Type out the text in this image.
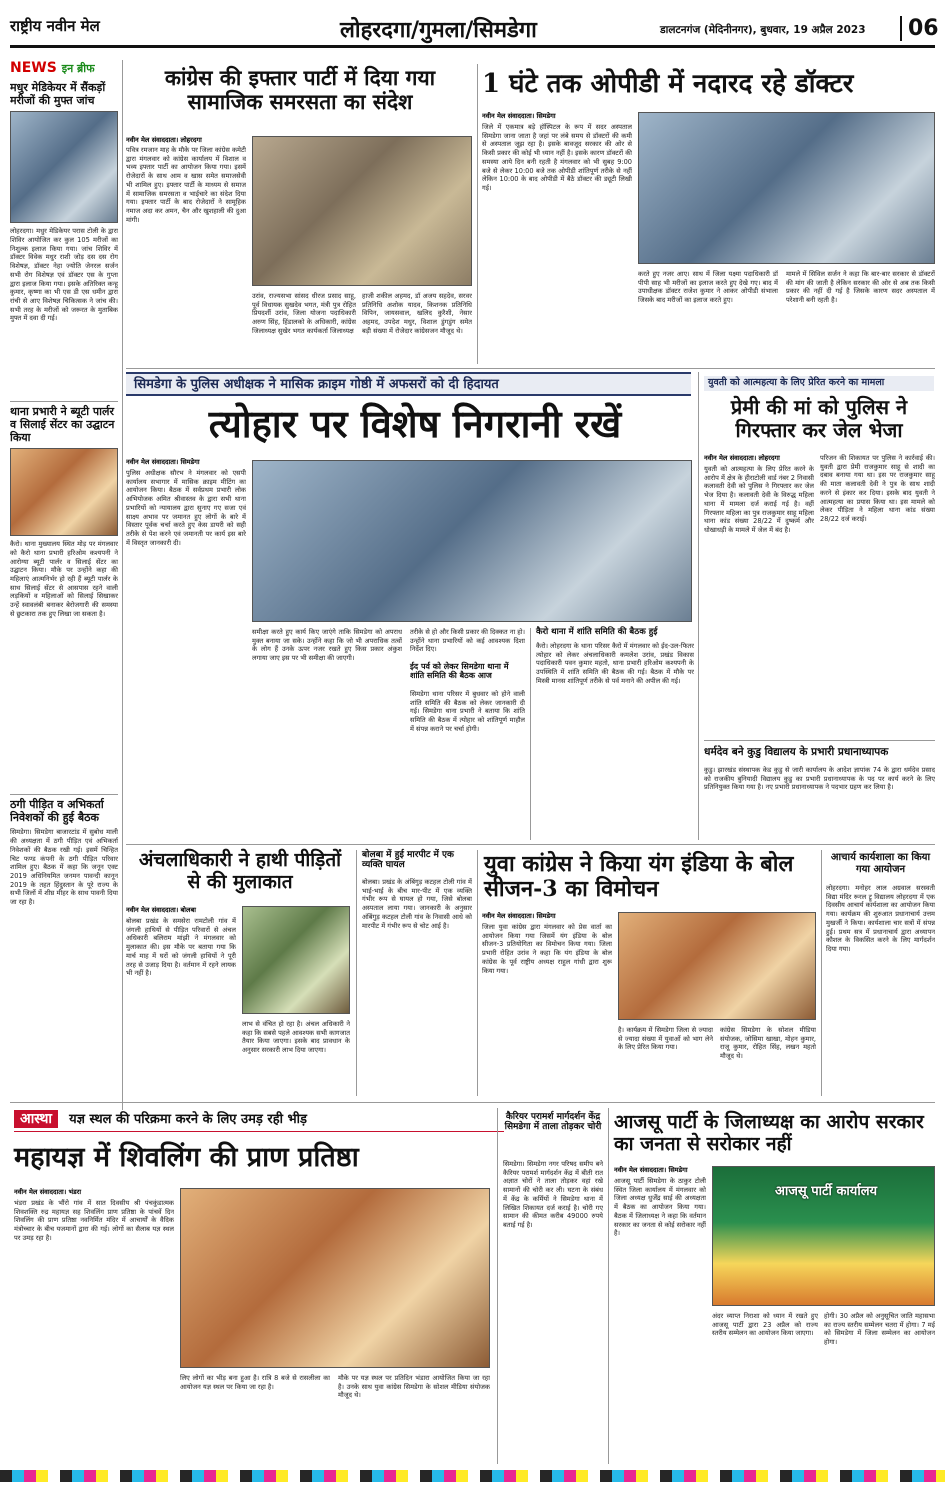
राष्ट्रीय नवीन मेल	लोहरदगा/गुमला/सिमडेगा	डालटनगंज (मेदिनीनगर), बुधवार, 19 अप्रैल 2023	06
NEWS इन ब्रीफ
मधुर मेडिकेयर में सैंकड़ों मरीजों की मुफ्त जांच
लोहरदगा। मधुर मेडिकेयर परास टोली के द्वारा शिविर आयोजित कर कुल 105 मरीजों का निशुल्क इलाज किया गया। जांच शिविर में डॉक्टर विवेक मधुर राशी जोड़ दस दस रोग विशेषज्ञ, डॉक्टर नेहा ज्योति जेनरल सर्जन सभी रोग विशेषज्ञ एवं डॉक्टर एस के गुप्ता द्वारा इलाज किया गया। इसके अतिरिक्त कन्हू कुमार, कृष्णा का भी एस डी एस धमीन द्वारा रांची से आए विशेषज्ञ चिकित्सक ने जांच की। सभी तरह के मरीजों को जरूरत के मुताबिक मुफ्त में दवा दी गई।
थाना प्रभारी ने ब्यूटी पार्लर व सिलाई सेंटर का उद्घाटन किया
कैरो। थाना मुख्यालय स्थित मोड़ पर मंगलवार को कैरो थाना प्रभारी हरिओम कश्यपनी ने आरोग्या ब्यूटी पार्लर व सिलाई सेंटर का उद्घाटन किया। मौके पर उन्होंने कहा की महिलाएं आत्मनिर्भर हो रही हैं ब्यूटी पार्लर के साथ सिलाई सेंटर से आसपास रहने वाली लड़कियों व महिलाओं को सिलाई सिखाकर उन्हें स्वावलंबी बनाकर बेरोजगारी की समस्या से छुटकारा तक हुए लिखा जा सकता है।
ठगी पीड़ित व अभिकर्ता निवेशकों की हुई बैठक
सिमडेगा। सिमडेगा बाजारटांड में सुबोध माली की अध्यक्षता में ठगी पीड़ित एवं अभिकर्ता निवेशकों की बैठक रखी गई। इसमें चिन्हित चिट फण्ड कंपनी के ठगी पीड़ित परिवार शामिल हुए। बैठक में कहा कि जनून एक्ट 2019 अधिनियमित जनमन पावन्दी कानून 2019 के तहत हिंदुस्तान के पूरे राज्य के सभी जिलों में शीघ्र मीहर के साथ पावनी दिया जा रहा है।
कांग्रेस की इफ्तार पार्टी में दिया गया सामाजिक समरसता का संदेश
नवीन मेल संवाददाता। लोहरदगा
पवित्र रमजान माह के मौके पर जिला कांग्रेस कमेटी द्वारा मंगलवार को कांग्रेस कार्यालय में विशाल व भव्य इफ्तार पार्टी का आयोजन किया गया। इसमें रोजेदारों के साथ आम व खास समेत समाजसेवी भी शामिल हुए। इफ्तार पार्टी के माध्यम से समाज में सामाजिक समरसता व भाईचारे का संदेश दिया गया। इफ्तार पार्टी के बाद रोजेदारों ने सामूहिक नमाज अदा कर अमन, चैन और खुशहाली की दुआ मांगी।
उरांव, राज्यसभा सांसद धीरज प्रसाद साहू, पूर्व विधायक सुखदेव भगत, मंत्री पुत्र रोहित प्रियदर्शी उरांव, जिला योजना पदाधिकारी अरुण सिंह, हिंडालको के अधिकारी, कांग्रेस जिलाध्यक्ष सुखेर भगत कार्यकर्ता जिलाध्यक्ष
हाजी शकील अहमद, डॉ अजय सहदेव, सरवर प्रतिनिधि अशोक यादव, किशनक प्रतिनिधि विपिन, जायसवाल, खलिद कुरैशी, नेसार अहमद, उपदेश मधुर, विशाल डुंगडुंग समेत बड़ी संख्या में रोजेदार कांग्रेसजन मौजूद थे।
1 घंटे तक ओपीडी में नदारद रहे डॉक्टर
नवीन मेल संवाददाता। सिमडेगा
जिले में एकमात्र बड़े हॉस्पिटल के रूप में सदर अस्पताल सिमडेगा जाना जाता है जहां पर लंबे समय से डॉक्टरों की कमी से अस्पताल जूझ रहा है। इसके बावजूद सरकार की ओर से किसी प्रकार की कोई भी ध्यान नहीं है। इसके कारण डॉक्टरों की समस्या आये दिन बनी रहती है मंगलवार को भी सुबह 9:00 बजे से लेकर 10:00 बजे तक ओपीडी शांतिपूर्ण तरीके से नहीं लेकिन 10:00 के बाद ओपीडी में बैठे डॉक्टर की ड्यूटी लिखी गई।
करते हुए नजर आए। साथ में जिला यक्ष्मा पदाधिकारी डॉ पीपी साह भी मरीजों का इलाज करते हुए देखे गए। बाद में उपाधीक्षक डॉक्टर राजेश कुमार ने आकर ओपीडी संभाला जिसके बाद मरीजों का इलाज करते हुए।
मामले में सिविल सर्जन ने कहा कि बार-बार सरकार से डॉक्टरों की मांग की जाती है लेकिन सरकार की ओर से अब तक किसी प्रकार की नहीं दी गई है जिसके कारण सदर अस्पताल में परेशानी बनी रहती है।
सिमडेगा के पुलिस अधीक्षक ने मासिक क्राइम गोष्ठी में अफसरों को दी हिदायत
त्योहार पर विशेष निगरानी रखें
नवीन मेल संवाददाता। सिमडेगा
पुलिस अधीक्षक सौरभ ने मंगलवार को एसपी कार्यालय सभागार में मासिक क्राइम मीटिंग का आयोजन किया। बैठक में सर्वप्रथम प्रभारी लोक अभियोजक अमित श्रीवास्तव के द्वारा सभी थाना प्रभारियों को न्यायालय द्वारा सुनाए गए सजा एवं साक्ष्य अभाव पर जमानत हुए लोगों के बारे में विस्तार पूर्वक चर्चा करते हुए केस डायरी को सही तरीके से पेश करने एवं जमानती पर कार्य इस बारे में विस्तृत जानकारी दी।
समीक्षा करते हुए कार्य किए जाएंगे ताकि सिमडेगा को अपराध मुक्त बनाया जा सके। उन्होंने कहा कि जो भी अपराधिक तत्वों के लोग हैं उनके ऊपर नजर रखते हुए किस प्रकार अंकुश लगाया जाए इस पर भी समीक्षा की जाएगी।
तरीके से हो और किसी प्रकार की दिक्कत ना हो। उन्होंने थाना प्रभारियों को कई आवश्यक दिशा निर्देश दिए।
ईद पर्व को लेकर सिमडेगा थाना में शांति समिति की बैठक आज
सिमडेगा थाना परिसर में बुधवार को होने वाली शांति समिति की बैठक को लेकर जानकारी दी गई। सिमडेगा थाना प्रभारी ने बताया कि शांति समिति की बैठक में त्योहार को शांतिपूर्ण माहौल में संपन्न कराने पर चर्चा होगी।
कैरो थाना में शांति समिति की बैठक हुई
कैरो। लोहरदगा के थाना परिसर कैरो में मंगलवार को ईद-उल-फितर त्योहार को लेकर अंचलाधिकारी कमलेश उरांव, प्रखंड विकास पदाधिकारी पवन कुमार महतो, थाना प्रभारी हरिओम कश्यपनी के उपस्थिति में शांति समिति की बैठक की गई। बैठक में मौके पर मिस्त्री मानस शांतिपूर्ण तरीके से पर्व मनाने की अपील की गई।
युवती को आत्महत्या के लिए प्रेरित करने का मामला
प्रेमी की मां को पुलिस ने गिरफ्तार कर जेल भेजा
नवीन मेल संवाददाता। लोहरदगा
युवती को आत्महत्या के लिए प्रेरित करने के आरोप में क्षेत्र के हीराटोली वार्ड नंबर 2 निवासी कलावती देवी को पुलिस ने गिरफ्तार कर जेल भेज दिया है। कलावती देवी के विरुद्ध महिला थाना में मामला दर्ज कराई गई है। वहीं गिरफ्तार महिला का पुत्र राजकुमार साहू महिला थाना कांड संख्या 28/22 में दुष्कर्म और धोखाधड़ी के मामले में जेल में बंद है।
परिजन की शिकायत पर पुलिस ने कार्रवाई की। युवती द्वारा प्रेमी राजकुमार साहू से शादी का दबाव बनाया गया था। इस पर राजकुमार साहू की माता कलावती देवी ने पुत्र के साथ शादी करने से इंकार कर दिया। इसके बाद युवती ने आत्महत्या का प्रयास किया था। इस मामले को लेकर पीड़िता ने महिला थाना कांड संख्या 28/22 दर्ज कराई।
धर्मदेव बने कुडु विद्यालय के प्रभारी प्रधानाध्यापक
कुडु। झारखंड संस्थापक केड कुडु से जारी कार्यालय के आदेश ज्ञापांक 74 के द्वारा धर्मदेव प्रसाद को राजकीय बुनियादी विद्यालय कुडु का प्रभारी प्रधानाध्यापक के पद पर कार्य करने के लिए प्रतिनियुक्त किया गया है। नए प्रभारी प्रधानाध्यापक ने पदभार ग्रहण कर लिया है।
अंचलाधिकारी ने हाथी पीड़ितों से की मुलाकात
नवीन मेल संवाददाता। बोलबा
बोलबा प्रखंड के समसेरा रामटोली गांव में जंगली हाथियों से पीड़ित परिवारों से अंचल अधिकारी बलिराम मांझी ने मंगलवार को मुलाकात की। इस मौके पर बताया गया कि मार्च माह में घरों को जंगली हाथियों ने पूरी तरह से उजाड़ दिया है। वर्तमान में रहने लायक भी नहीं है।
लाभ से वंचित हो रहा है। अंचल अधिकारी ने कहा कि सबसे पहले आवश्यक सभी कागजात तैयार किया जाएगा। इसके बाद प्रावधान के अनुसार सरकारी लाभ दिया जाएगा।
बोलबा में हुई मारपीट में एक व्यक्ति घायल
बोलबा। प्रखंड के अंबिंगुड़ कटहल टोली गांव में भाई-भाई के बीच मार-पीट में एक व्यक्ति गंभीर रूप से घायल हो गया, जिसे बोलबा अस्पताल लाया गया। जानकारी के अनुसार अंबिंगुड़ कटहल टोली गांव के निवासी आधे को मारपीट में गंभीर रूप से चोट आई है।
युवा कांग्रेस ने किया यंग इंडिया के बोल सीजन-3 का विमोचन
नवीन मेल संवाददाता। सिमडेगा
जिला युवा कांग्रेस द्वारा मंगलवार को प्रेस वार्ता का आयोजन किया गया जिसमें यंग इंडिया के बोल सीजन-3 प्रतियोगिता का विमोचन किया गया। जिला प्रभारी रोहित उरांव ने कहा कि यंग इंडिया के बोल कांग्रेस के पूर्व राष्ट्रीय अध्यक्ष राहुल गांधी द्वारा शुरू किया गया।
है। कार्यक्रम में सिमडेगा जिला से ज्यादा से ज्यादा संख्या में युवाओं को भाग लेने के लिए प्रेरित किया गया।
कांग्रेस सिमडेगा के सोशल मीडिया संयोजक, जोसिमा खाखा, मोहन कुमार, राजू कुमार, रोहित सिंह, लखन महतो मौजूद थे।
आचार्य कार्यशाला का किया गया आयोजन
लोहरदगा। मनोहर लाल अग्रवाल सरस्वती विद्या मंदिर रूरल ट्रू विद्यालय लोहरदगा में एक दिवसीय आचार्य कार्यशाला का आयोजन किया गया। कार्यक्रम की शुरुआत प्रधानाचार्य उत्तम मुखर्जी ने किया। कार्यशाला चार सत्रों में संपन्न हुई। प्रथम सत्र में प्रधानाचार्य द्वारा अध्यापन कौशल के विकसित करने के लिए मार्गदर्शन दिया गया।
आस्था यज्ञ स्थल की परिक्रमा करने के लिए उमड़ रही भीड़
महायज्ञ में शिवलिंग की प्राण प्रतिष्ठा
नवीन मेल संवाददाता। भंडरा
भंडरा प्रखंड के भौंरो गांव में सात दिवसीय श्री पंचकुंडात्मक शिवशक्ति रुद्र महायज्ञ सह शिवलिंग प्राण प्रतिष्ठा के पांचवें दिन शिवलिंग की प्राण प्रतिष्ठा नवनिर्मित मंदिर में आचार्यों के वैदिक मंत्रोच्चार के बीच यजमानों द्वारा की गई। लोगों का सैलाब यज्ञ स्थल पर उमड़ रहा है।
लिए लोगों का भीड़ बना हुआ है। रात्रि 8 बजे से रासलीला का आयोजन यज्ञ स्थल पर किया जा रहा है।
मौके पर यज्ञ स्थल पर प्रतिदिन भंडारा आयोजित किया जा रहा है। उनके साथ युवा कांग्रेस सिमडेगा के सोशल मीडिया संयोजक मौजूद थे।
कैरियर परामर्श मार्गदर्शन केंद्र सिमडेगा में ताला तोड़कर चोरी
सिमडेगा। सिमडेगा नगर परिषद समीप बने कैरियर परामर्श मार्गदर्शन केंद्र में बीती रात अज्ञात चोरों ने ताला तोड़कर वहां रखे सामानों की चोरी कर ली। घटना के संबंध में केंद्र के कर्मियों ने सिमडेगा थाना में लिखित शिकायत दर्ज कराई है। चोरी गए सामान की कीमत करीब 49000 रुपये बताई गई है।
आजसू पार्टी के जिलाध्यक्ष का आरोप सरकार का जनता से सरोकार नहीं
नवीन मेल संवाददाता। सिमडेगा
आजसू पार्टी सिमडेगा के ठाकुर टोली स्थित जिला कार्यालय में मंगलवार को जिला अध्यक्ष धुर्जेंद्र साई की अध्यक्षता में बैठक का आयोजन किया गया। बैठक में जिलाध्यक्ष ने कहा कि वर्तमान सरकार का जनता से कोई सरोकार नहीं है।
आजसू पार्टी कार्यालय
अंदर व्याप्त निराशा को ध्यान में रखते हुए आजसू पार्टी द्वारा 23 अप्रैल को राज्य स्तरीय सम्मेलन का आयोजन किया जाएगा।
होगी। 30 अप्रैल को अनुसूचित जाति महासभा का राज्य स्तरीय सम्मेलन चतरा में होगा। 7 मई को सिमडेगा में जिला सम्मेलन का आयोजन होगा।
